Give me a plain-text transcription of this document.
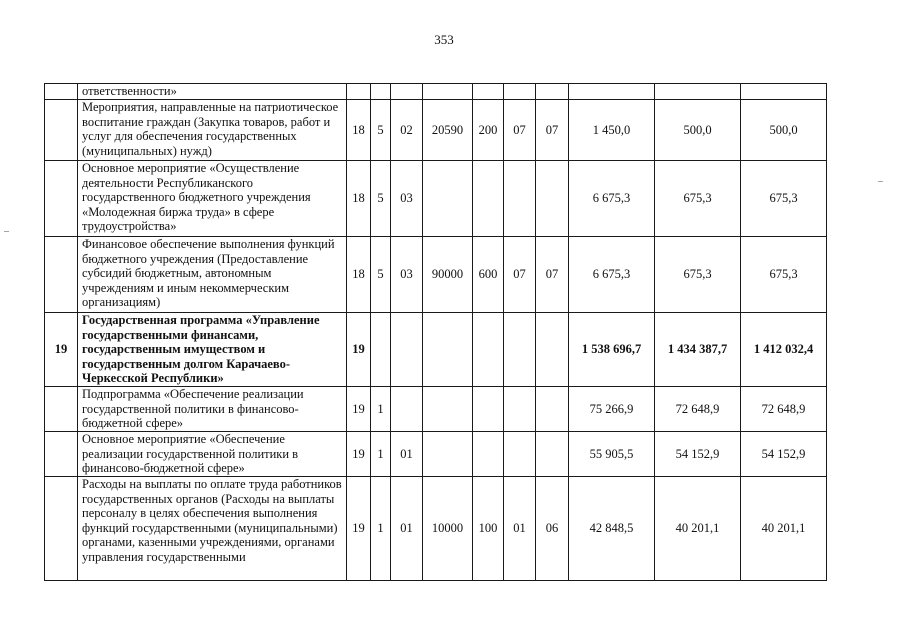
353
	ответственности»										
	Мероприятия, направленные на патриотическое воспитание граждан (Закупка товаров, работ и услуг для обеспечения государственных (муниципальных) нужд)	18	5	02	20590	200	07	07	1 450,0	500,0	500,0
	Основное мероприятие «Осуществление деятельности Республиканского государственного бюджетного учреждения «Молодежная биржа труда» в сфере трудоустройства»	18	5	03					6 675,3	675,3	675,3
	Финансовое обеспечение выполнения функций бюджетного учреждения (Предоставление субсидий бюджетным, автономным учреждениям и иным некоммерческим организациям)	18	5	03	90000	600	07	07	6 675,3	675,3	675,3
19	Государственная программа «Управление государственными финансами, государственным имуществом и государственным долгом Карачаево-Черкесской Республики»	19							1 538 696,7	1 434 387,7	1 412 032,4
	Подпрограмма «Обеспечение реализации государственной политики в финансово-бюджетной сфере»	19	1						75 266,9	72 648,9	72 648,9
	Основное мероприятие «Обеспечение реализации государственной политики в финансово-бюджетной сфере»	19	1	01					55 905,5	54 152,9	54 152,9
	Расходы на выплаты по оплате труда работников государственных органов (Расходы на выплаты персоналу в целях обеспечения выполнения функций государственными (муниципальными) органами, казенными учреждениями, органами управления государственными	19	1	01	10000	100	01	06	42 848,5	40 201,1	40 201,1
–
–
